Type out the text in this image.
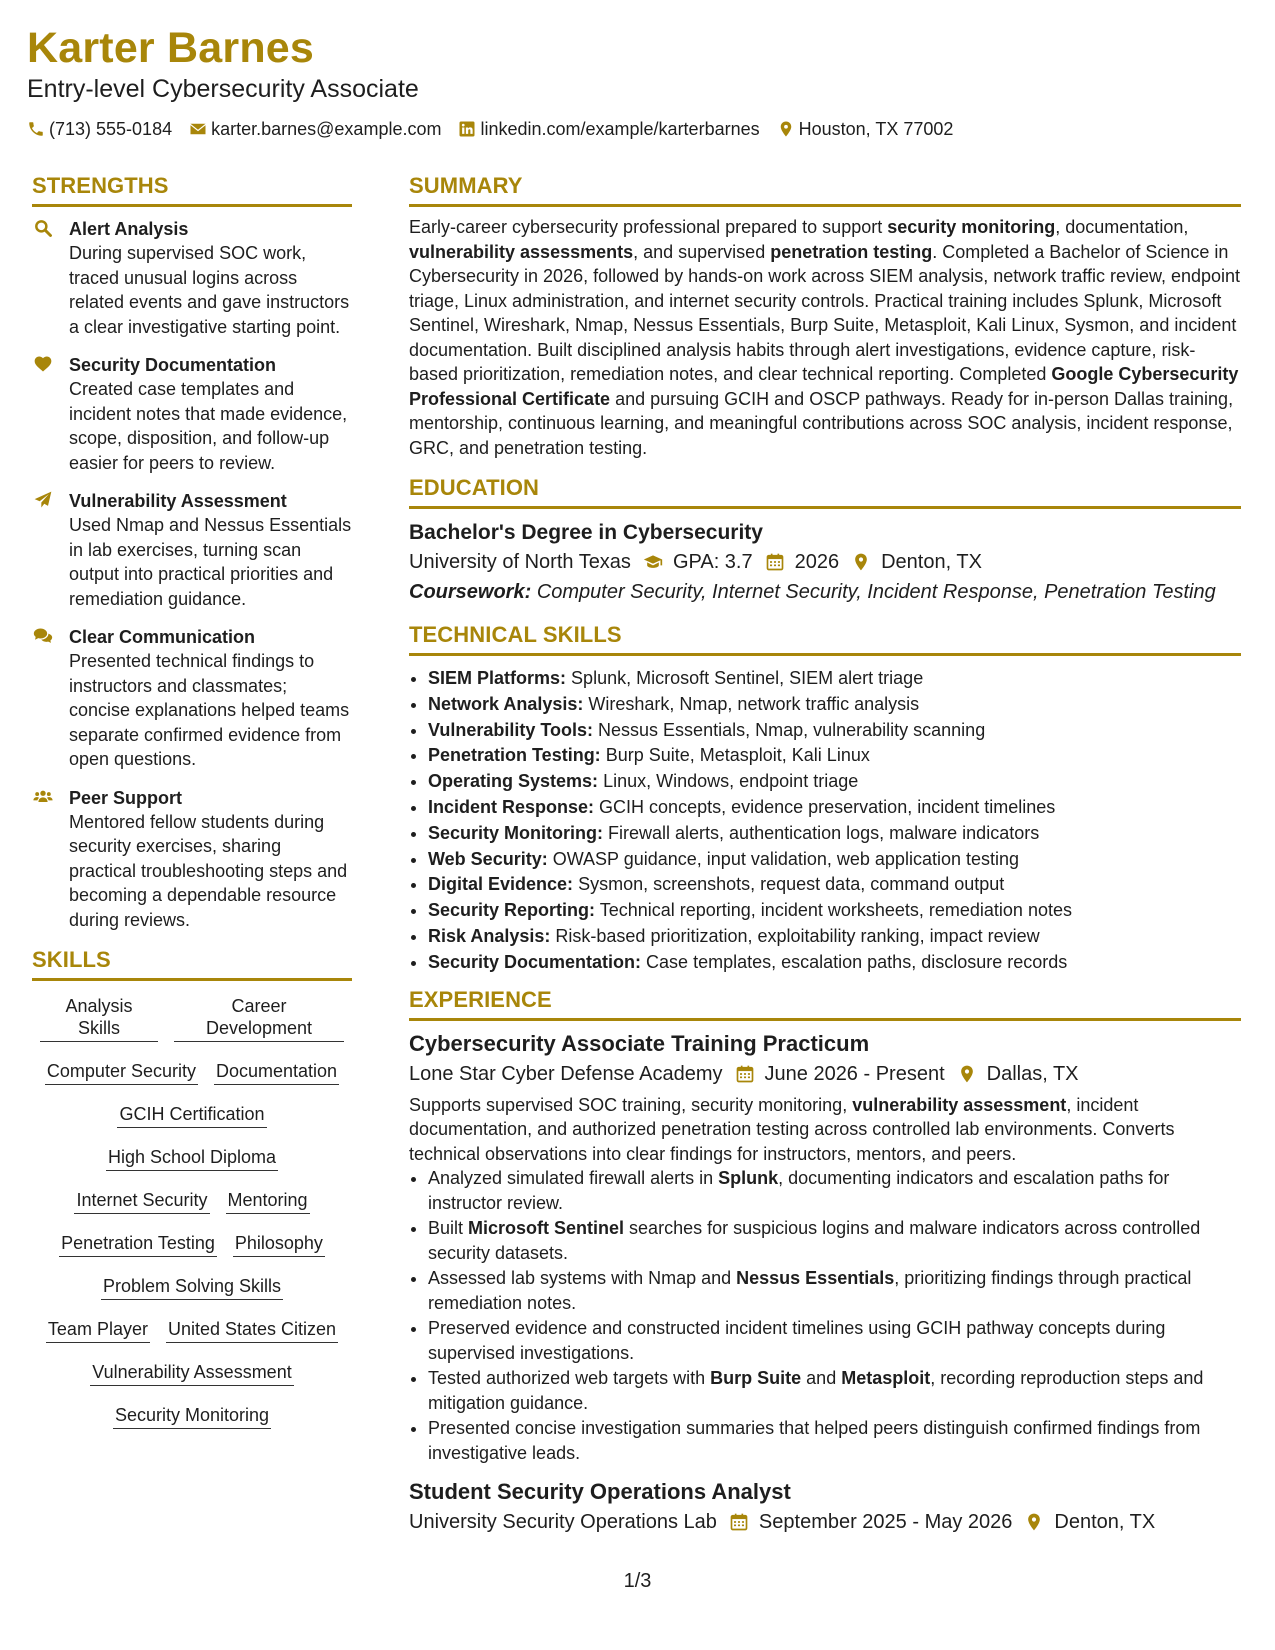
Karter Barnes
Entry-level Cybersecurity Associate
(713) 555-0184 karter.barnes@example.com linkedin.com/example/karterbarnes Houston, TX 77002
STRENGTHS
Alert Analysis
During supervised SOC work, traced unusual logins across related events and gave instructors a clear investigative starting point.
Security Documentation
Created case templates and incident notes that made evidence, scope, disposition, and follow-up easier for peers to review.
Vulnerability Assessment
Used Nmap and Nessus Essentials in lab exercises, turning scan output into practical priorities and remediation guidance.
Clear Communication
Presented technical findings to instructors and classmates; concise explanations helped teams separate confirmed evidence from open questions.
Peer Support
Mentored fellow students during security exercises, sharing practical troubleshooting steps and becoming a dependable resource during reviews.
SKILLS
Analysis Skills
Career Development
Computer Security Documentation
GCIH Certification
High School Diploma
Internet Security Mentoring
Penetration Testing Philosophy
Problem Solving Skills
Team Player United States Citizen
Vulnerability Assessment
Security Monitoring
SUMMARY
Early-career cybersecurity professional prepared to support security monitoring, documentation, vulnerability assessments, and supervised penetration testing. Completed a Bachelor of Science in Cybersecurity in 2026, followed by hands-on work across SIEM analysis, network traffic review, endpoint triage, Linux administration, and internet security controls. Practical training includes Splunk, Microsoft Sentinel, Wireshark, Nmap, Nessus Essentials, Burp Suite, Metasploit, Kali Linux, Sysmon, and incident documentation. Built disciplined analysis habits through alert investigations, evidence capture, risk-based prioritization, remediation notes, and clear technical reporting. Completed Google Cybersecurity Professional Certificate and pursuing GCIH and OSCP pathways. Ready for in-person Dallas training, mentorship, continuous learning, and meaningful contributions across SOC analysis, incident response, GRC, and penetration testing.
EDUCATION
Bachelor's Degree in Cybersecurity
University of North Texas GPA: 3.7 2026 Denton, TX
Coursework: Computer Security, Internet Security, Incident Response, Penetration Testing
TECHNICAL SKILLS
• SIEM Platforms: Splunk, Microsoft Sentinel, SIEM alert triage
• Network Analysis: Wireshark, Nmap, network traffic analysis
• Vulnerability Tools: Nessus Essentials, Nmap, vulnerability scanning
• Penetration Testing: Burp Suite, Metasploit, Kali Linux
• Operating Systems: Linux, Windows, endpoint triage
• Incident Response: GCIH concepts, evidence preservation, incident timelines
• Security Monitoring: Firewall alerts, authentication logs, malware indicators
• Web Security: OWASP guidance, input validation, web application testing
• Digital Evidence: Sysmon, screenshots, request data, command output
• Security Reporting: Technical reporting, incident worksheets, remediation notes
• Risk Analysis: Risk-based prioritization, exploitability ranking, impact review
• Security Documentation: Case templates, escalation paths, disclosure records
EXPERIENCE
Cybersecurity Associate Training Practicum
Lone Star Cyber Defense Academy June 2026 - Present Dallas, TX
Supports supervised SOC training, security monitoring, vulnerability assessment, incident documentation, and authorized penetration testing across controlled lab environments. Converts technical observations into clear findings for instructors, mentors, and peers.
• Analyzed simulated firewall alerts in Splunk, documenting indicators and escalation paths for instructor review.
• Built Microsoft Sentinel searches for suspicious logins and malware indicators across controlled security datasets.
• Assessed lab systems with Nmap and Nessus Essentials, prioritizing findings through practical remediation notes.
• Preserved evidence and constructed incident timelines using GCIH pathway concepts during supervised investigations.
• Tested authorized web targets with Burp Suite and Metasploit, recording reproduction steps and mitigation guidance.
• Presented concise investigation summaries that helped peers distinguish confirmed findings from investigative leads.
Student Security Operations Analyst
University Security Operations Lab September 2025 - May 2026 Denton, TX
1/3
